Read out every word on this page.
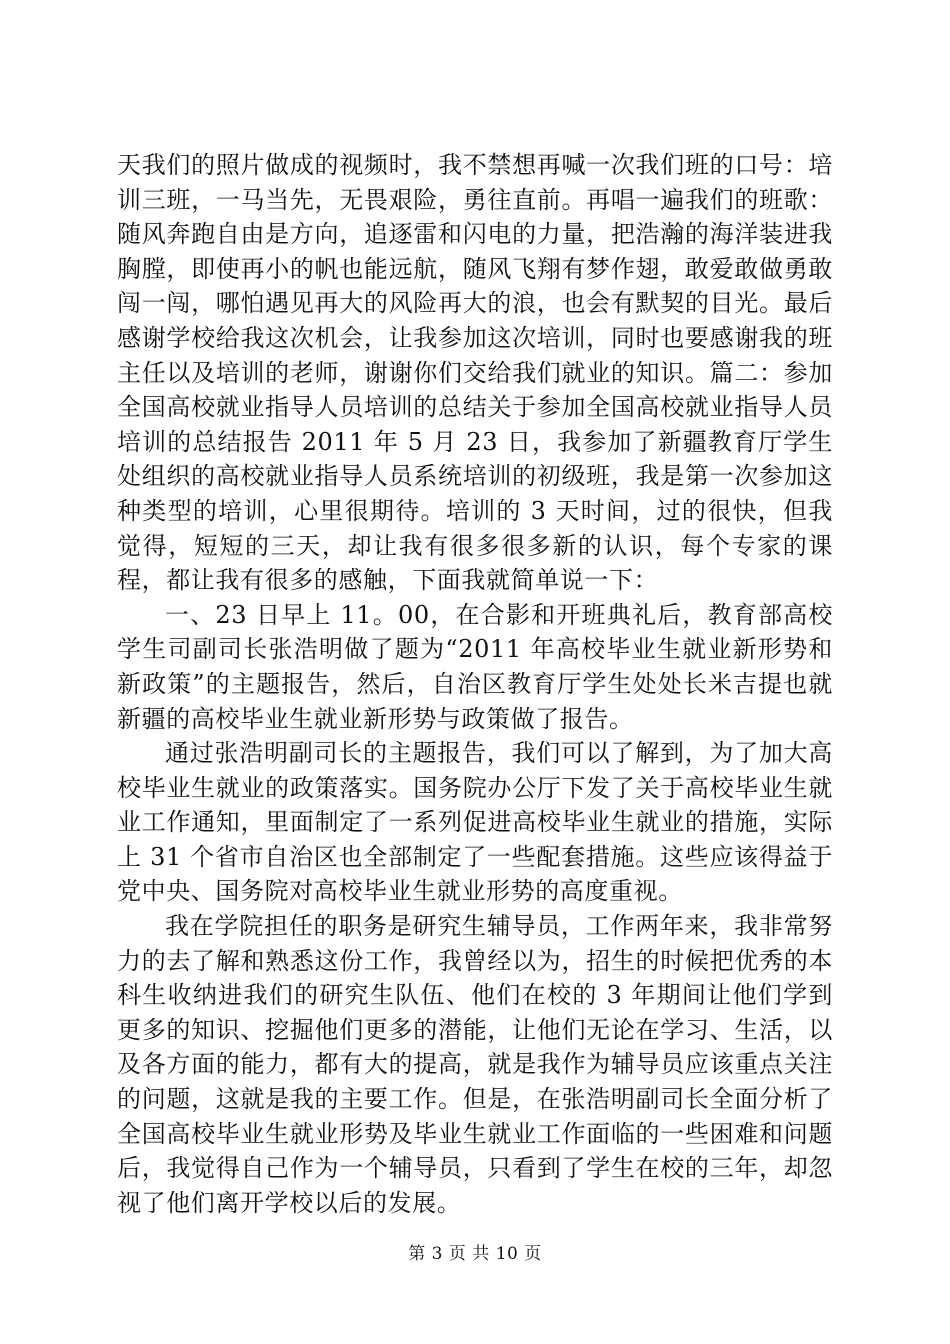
天我们的照片做成的视频时，我不禁想再喊一次我们班的口号：培训三班，一马当先，无畏艰险，勇往直前。再唱一遍我们的班歌：随风奔跑自由是方向，追逐雷和闪电的力量，把浩瀚的海洋装进我胸膛，即使再小的帆也能远航，随风飞翔有梦作翅，敢爱敢做勇敢闯一闯，哪怕遇见再大的风险再大的浪，也会有默契的目光。最后感谢学校给我这次机会，让我参加这次培训，同时也要感谢我的班主任以及培训的老师，谢谢你们交给我们就业的知识。篇二：参加全国高校就业指导人员培训的总结关于参加全国高校就业指导人员培训的总结报告 2011 年 5 月 23 日，我参加了新疆教育厅学生处组织的高校就业指导人员系统培训的初级班，我是第一次参加这种类型的培训，心里很期待。培训的 3 天时间，过的很快，但我觉得，短短的三天，却让我有很多很多新的认识，每个专家的课程，都让我有很多的感触，下面我就简单说一下：

一、23 日早上 11。00，在合影和开班典礼后，教育部高校学生司副司长张浩明做了题为“2011 年高校毕业生就业新形势和新政策”的主题报告，然后，自治区教育厅学生处处长米吉提也就新疆的高校毕业生就业新形势与政策做了报告。

通过张浩明副司长的主题报告，我们可以了解到，为了加大高校毕业生就业的政策落实。国务院办公厅下发了关于高校毕业生就业工作通知，里面制定了一系列促进高校毕业生就业的措施，实际上 31 个省市自治区也全部制定了一些配套措施。这些应该得益于党中央、国务院对高校毕业生就业形势的高度重视。

我在学院担任的职务是研究生辅导员，工作两年来，我非常努力的去了解和熟悉这份工作，我曾经以为，招生的时候把优秀的本科生收纳进我们的研究生队伍、他们在校的 3 年期间让他们学到更多的知识、挖掘他们更多的潜能，让他们无论在学习、生活，以及各方面的能力，都有大的提高，就是我作为辅导员应该重点关注的问题，这就是我的主要工作。但是，在张浩明副司长全面分析了全国高校毕业生就业形势及毕业生就业工作面临的一些困难和问题后，我觉得自己作为一个辅导员，只看到了学生在校的三年，却忽视了他们离开学校以后的发展。

第 3 页 共 10 页
